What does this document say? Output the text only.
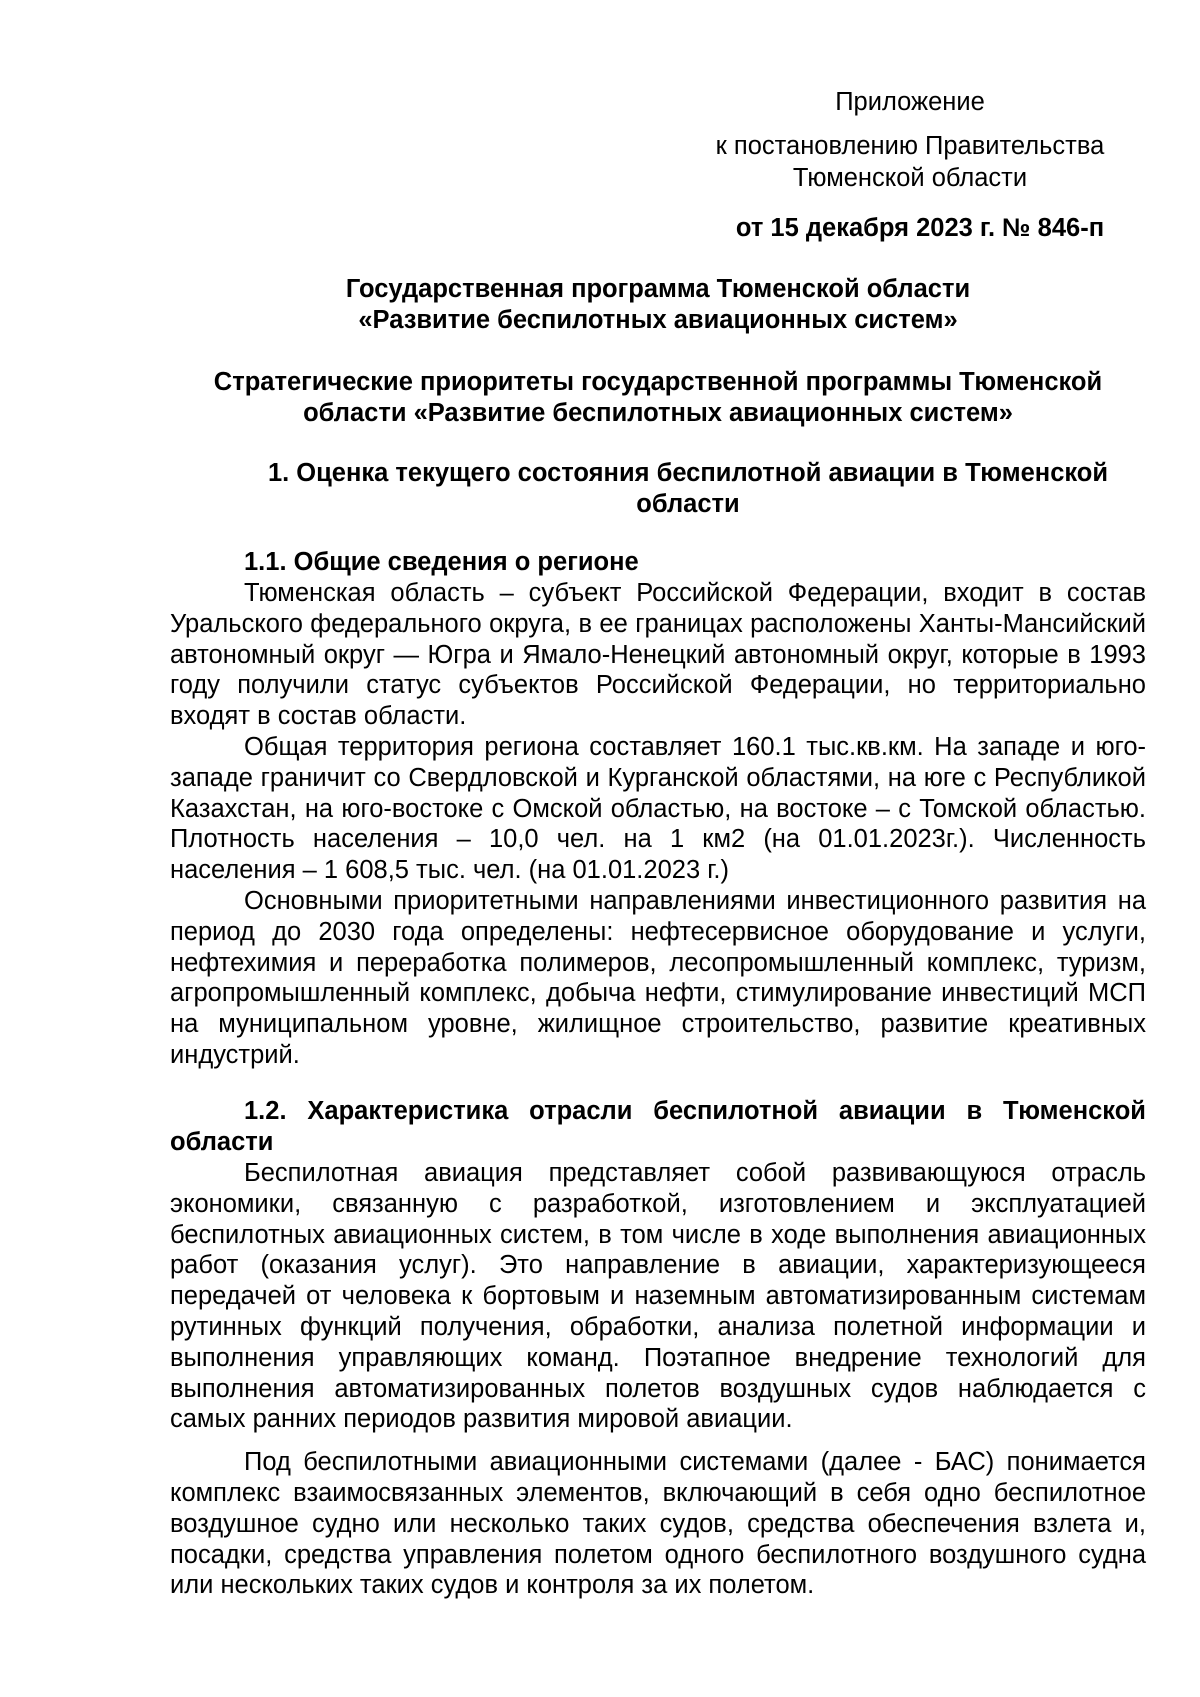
Приложение
к постановлению Правительства
Тюменской области
от 15 декабря 2023 г. № 846-п
Государственная программа Тюменской области
«Развитие беспилотных авиационных систем»
Стратегические приоритеты государственной программы Тюменской области «Развитие беспилотных авиационных систем»
1. Оценка текущего состояния беспилотной авиации в Тюменской области
1.1. Общие сведения о регионе

Тюменская область – субъект Российской Федерации, входит в состав Уральского федерального округа, в ее границах расположены Ханты-Мансийский автономный округ — Югра и Ямало-Ненецкий автономный округ, которые в 1993 году получили статус субъектов Российской Федерации, но территориально входят в состав области.

Общая территория региона составляет 160.1 тыс.кв.км. На западе и юго-западе граничит со Свердловской и Курганской областями, на юге с Республикой Казахстан, на юго-востоке с Омской областью, на востоке – с Томской областью. Плотность населения – 10,0 чел. на 1 км2 (на 01.01.2023г.). Численность населения – 1 608,5 тыс. чел. (на 01.01.2023 г.)

Основными приоритетными направлениями инвестиционного развития на период до 2030 года определены: нефтесервисное оборудование и услуги, нефтехимия и переработка полимеров, лесопромышленный комплекс, туризм, агропромышленный комплекс, добыча нефти, стимулирование инвестиций МСП на муниципальном уровне, жилищное строительство, развитие креативных индустрий.

1.2. Характеристика отрасли беспилотной авиации в Тюменской области

Беспилотная авиация представляет собой развивающуюся отрасль экономики, связанную с разработкой, изготовлением и эксплуатацией беспилотных авиационных систем, в том числе в ходе выполнения авиационных работ (оказания услуг). Это направление в авиации, характеризующееся передачей от человека к бортовым и наземным автоматизированным системам рутинных функций получения, обработки, анализа полетной информации и выполнения управляющих команд. Поэтапное внедрение технологий для выполнения автоматизированных полетов воздушных судов наблюдается с самых ранних периодов развития мировой авиации.

Под беспилотными авиационными системами (далее - БАС) понимается комплекс взаимосвязанных элементов, включающий в себя одно беспилотное воздушное судно или несколько таких судов, средства обеспечения взлета и, посадки, средства управления полетом одного беспилотного воздушного судна или нескольких таких судов и контроля за их полетом.
